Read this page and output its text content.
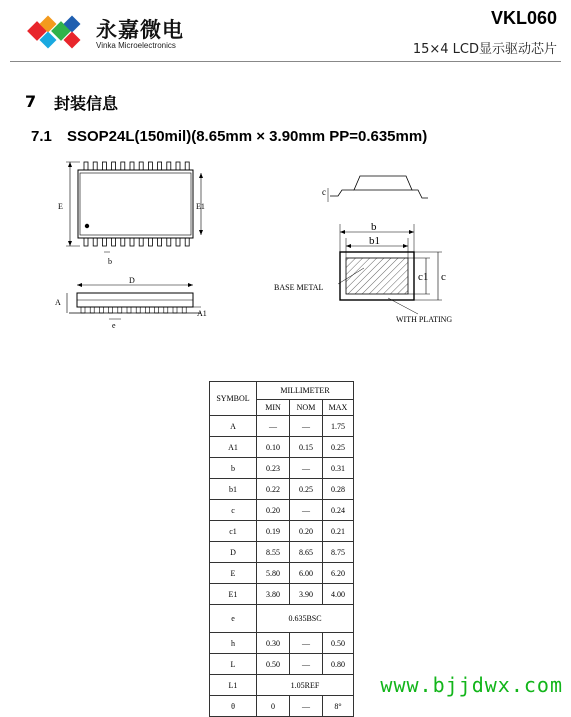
永嘉微电
Vinka Microelectronics
VKL060
15×4 LCD显示驱动芯片
7 封装信息
7.1 SSOP24L(150mil)(8.65mm × 3.90mm PP=0.635mm)
E	E1
b
D
A
A1
e
c
b
b1
c1 c
BASE METAL
WITH PLATING
SYMBOL	MILLIMETER		
	MIN	NOM	MAX
A	—	—	1.75
A1	0.10	0.15	0.25
b	0.23	—	0.31
b1	0.22	0.25	0.28
c	0.20	—	0.24
c1	0.19	0.20	0.21
D	8.55	8.65	8.75
E	5.80	6.00	6.20
E1	3.80	3.90	4.00
e	0.635BSC		
h	0.30	—	0.50
L	0.50	—	0.80
L1	1.05REF		
θ	0	—	8°
www.bjjdwx.com
